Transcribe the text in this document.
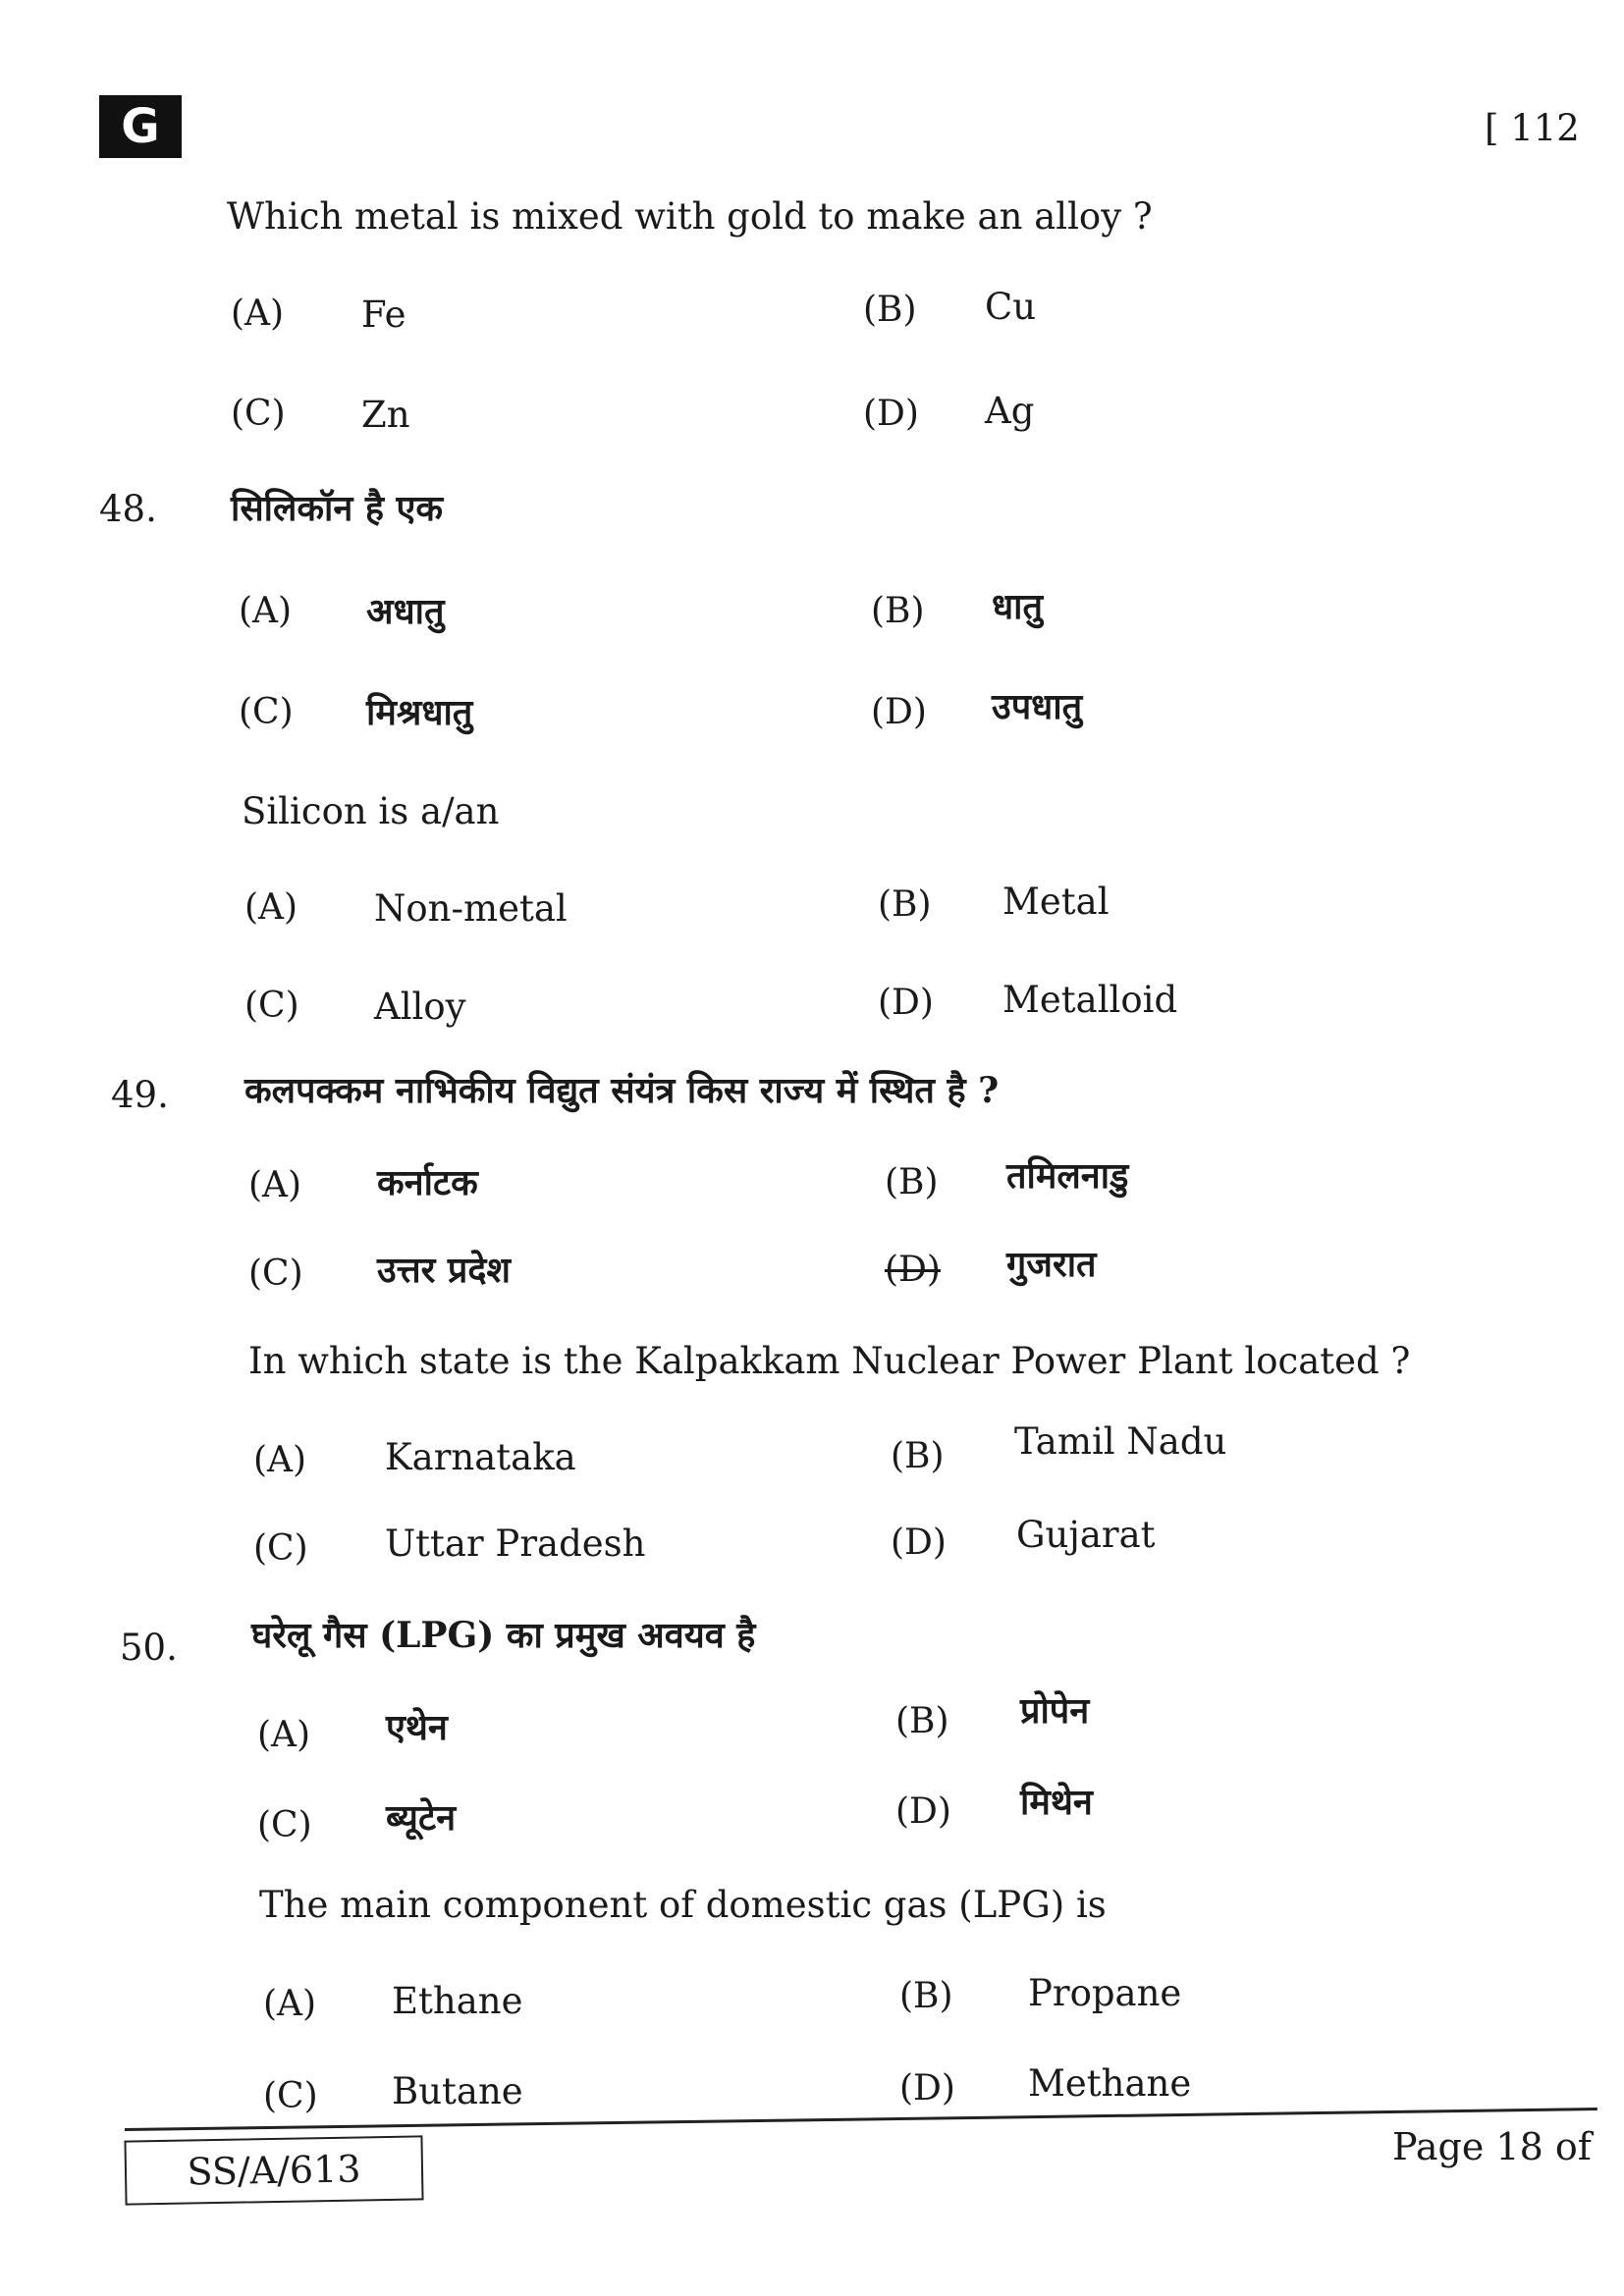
G	[ 112
Which metal is mixed with gold to make an alloy ?
(A) Fe	(B) Cu
(C) Zn	(D) Ag
48. सिलिकॉन है एक
(A) अधातु	(B) धातु
(C) मिश्रधातु	(D) उपधातु
Silicon is a/an
(A) Non-metal	(B) Metal
(C) Alloy	(D) Metalloid
49. कलपक्कम नाभिकीय विद्युत संयंत्र किस राज्य में स्थित है ?
(A) कर्नाटक	(B) तमिलनाडु
(C) उत्तर प्रदेश	(D) गुजरात
In which state is the Kalpakkam Nuclear Power Plant located ?
(A) Karnataka	(B) Tamil Nadu
(C) Uttar Pradesh	(D) Gujarat
50. घरेलू गैस (LPG) का प्रमुख अवयव है
(A) एथेन	(B) प्रोपेन
(C) ब्यूटेन	(D) मिथेन
The main component of domestic gas (LPG) is
(A) Ethane	(B) Propane
(C) Butane	(D) Methane
SS/A/613
Page 18 of
